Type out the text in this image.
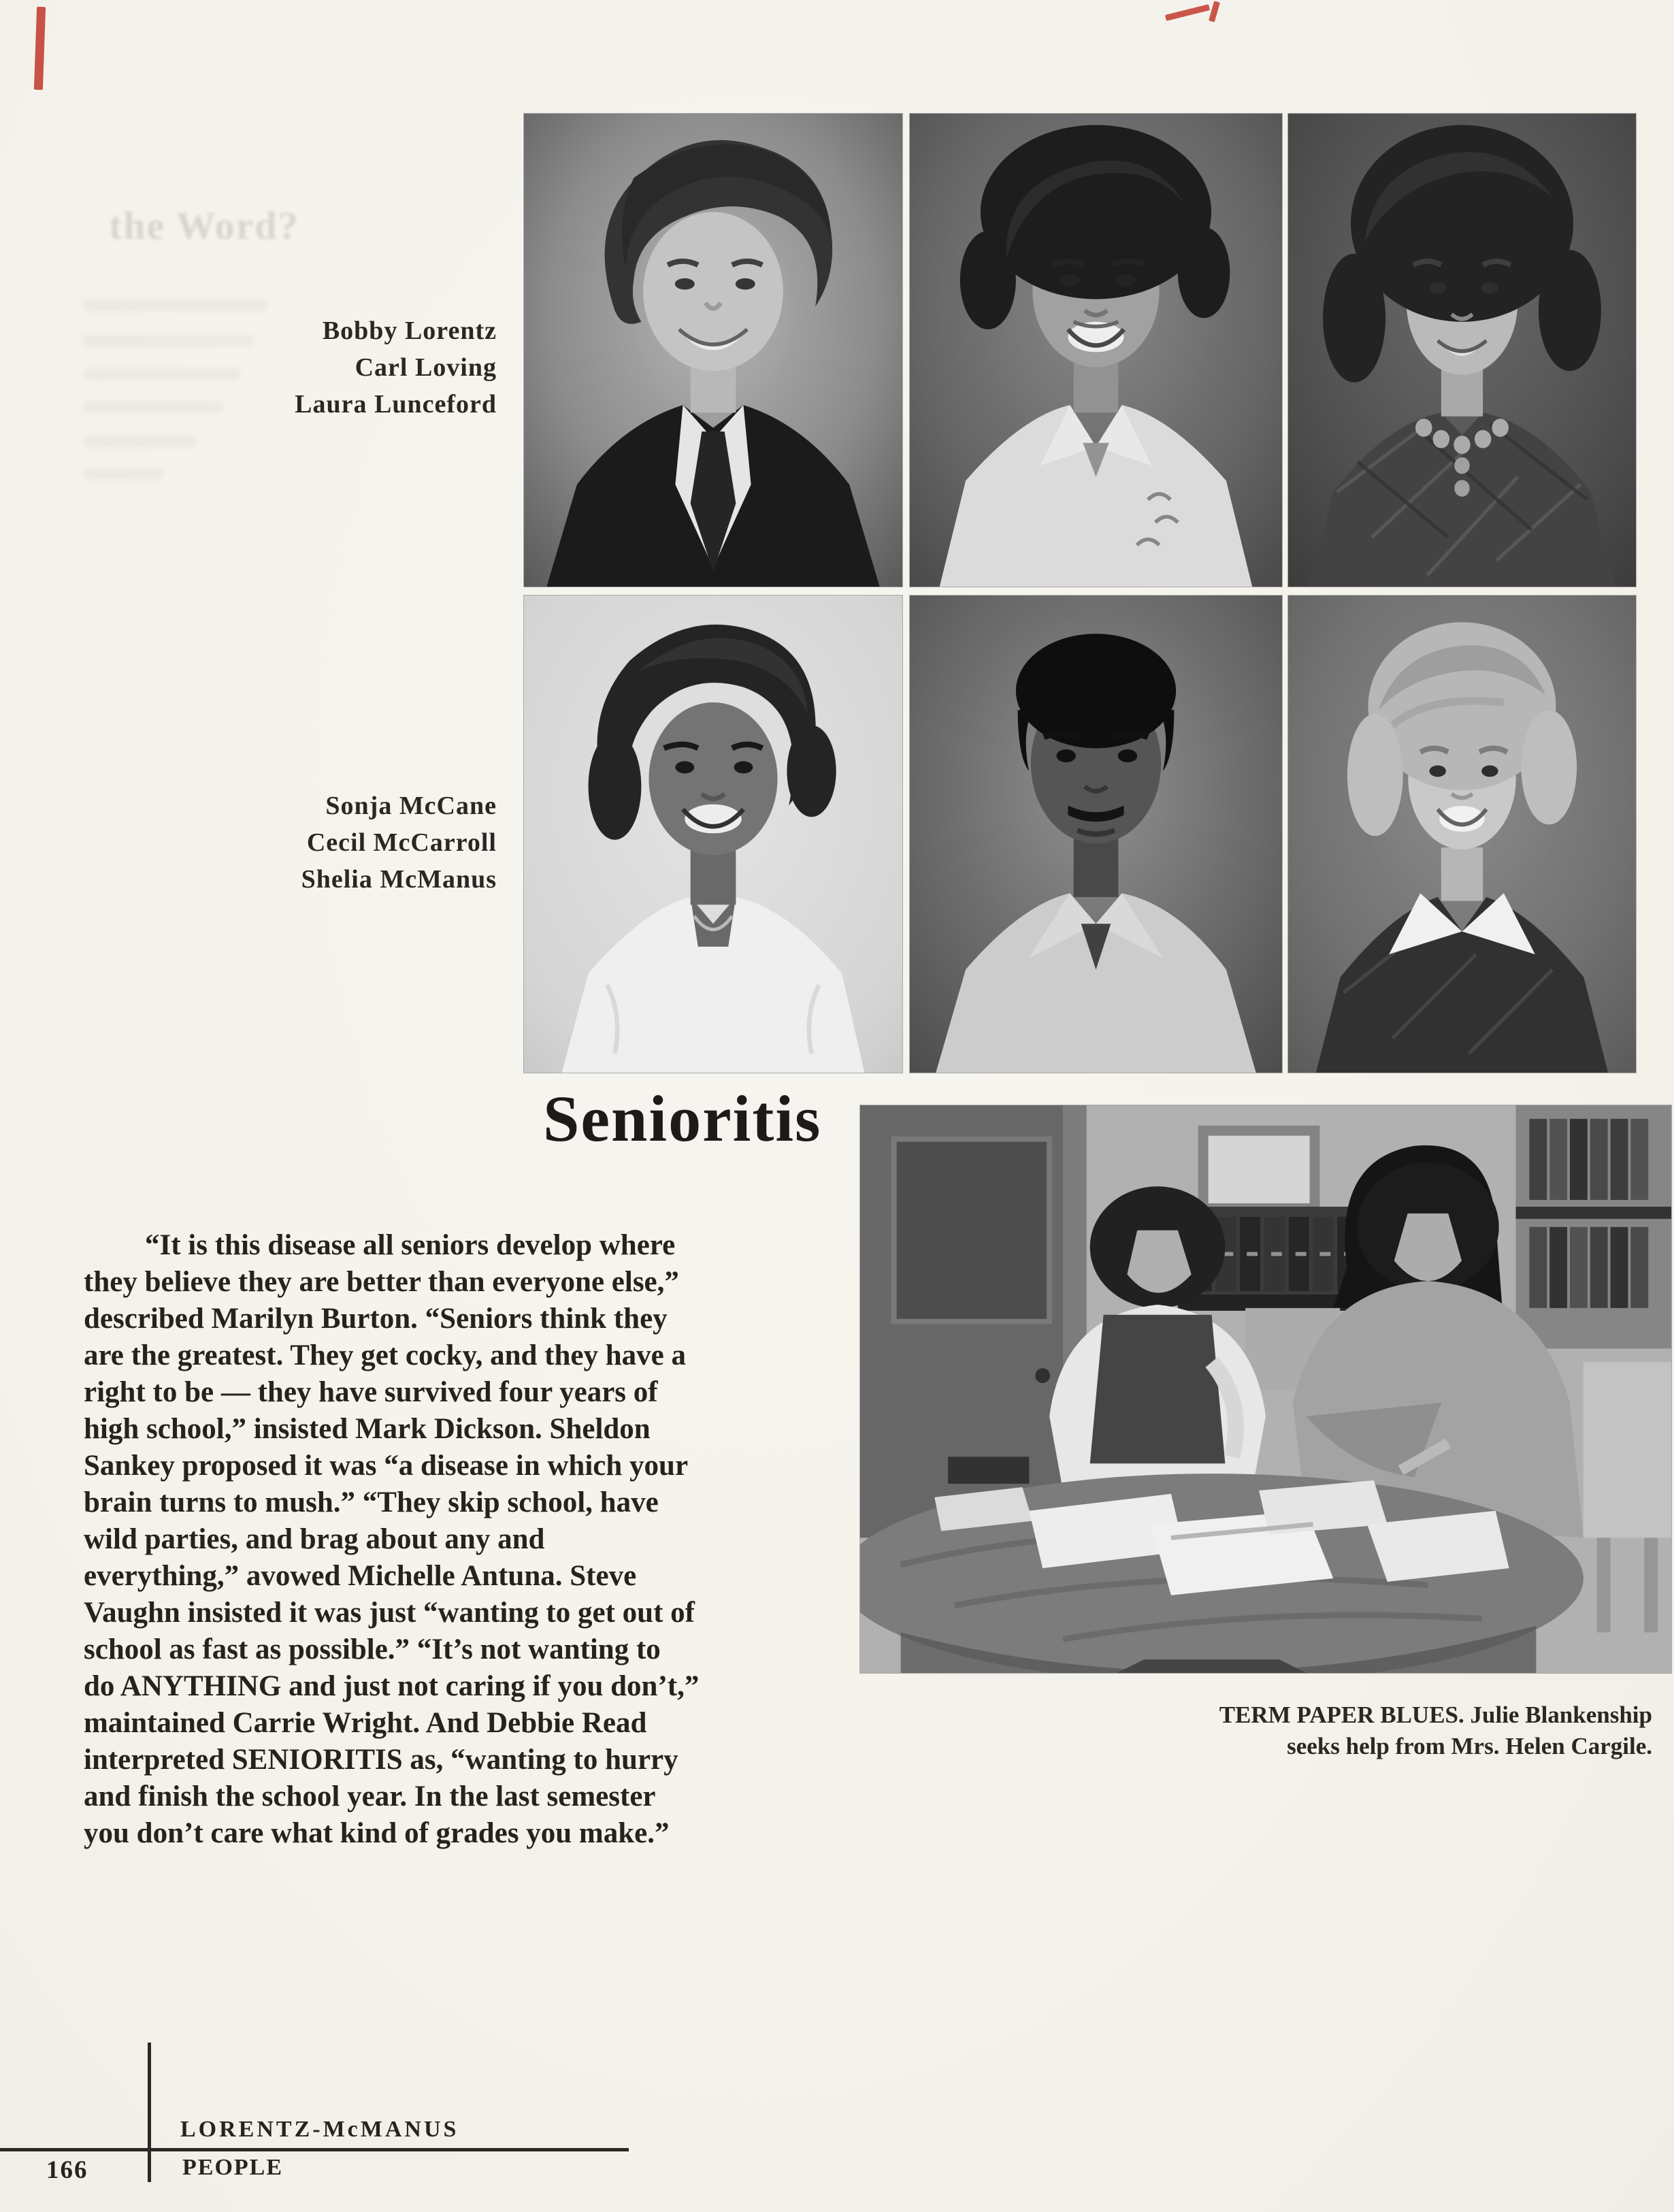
the Word?
Bobby Lorentz
Carl Loving
Laura Lunceford
Sonja McCane
Cecil McCarroll
Shelia McManus
Senioritis
“It is this disease all seniors develop where
they believe they are better than everyone else,”
described Marilyn Burton. “Seniors think they
are the greatest. They get cocky, and they have a
right to be — they have survived four years of
high school,” insisted Mark Dickson. Sheldon
Sankey proposed it was “a disease in which your
brain turns to mush.” “They skip school, have
wild parties, and brag about any and
everything,” avowed Michelle Antuna. Steve
Vaughn insisted it was just “wanting to get out of
school as fast as possible.” “It’s not wanting to
do ANYTHING and just not caring if you don’t,”
maintained Carrie Wright. And Debbie Read
interpreted SENIORITIS as, “wanting to hurry
and finish the school year. In the last semester
you don’t care what kind of grades you make.”
TERM PAPER BLUES. Julie Blankenship
seeks help from Mrs. Helen Cargile.
LORENTZ-McMANUS
PEOPLE
166
